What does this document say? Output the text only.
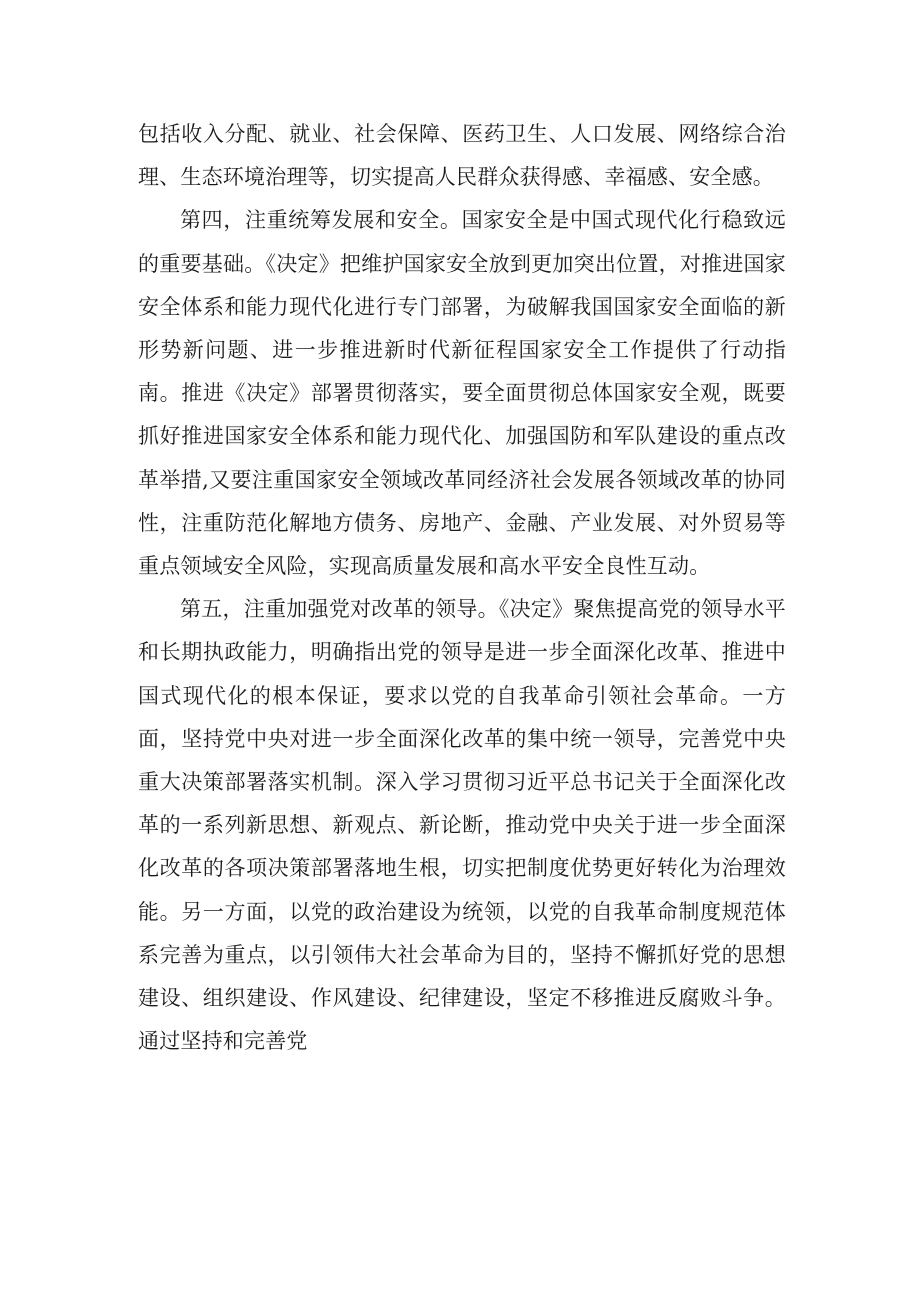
包括收入分配、就业、社会保障、医药卫生、人口发展、网络综合治理、生态环境治理等，切实提高人民群众获得感、幸福感、安全感。

第四，注重统筹发展和安全。国家安全是中国式现代化行稳致远的重要基础。《决定》把维护国家安全放到更加突出位置，对推进国家安全体系和能力现代化进行专门部署，为破解我国国家安全面临的新形势新问题、进一步推进新时代新征程国家安全工作提供了行动指南。推进《决定》部署贯彻落实，要全面贯彻总体国家安全观，既要抓好推进国家安全体系和能力现代化、加强国防和军队建设的重点改革举措,又要注重国家安全领域改革同经济社会发展各领域改革的协同性，注重防范化解地方债务、房地产、金融、产业发展、对外贸易等重点领域安全风险，实现高质量发展和高水平安全良性互动。

第五，注重加强党对改革的领导。《决定》聚焦提高党的领导水平和长期执政能力，明确指出党的领导是进一步全面深化改革、推进中国式现代化的根本保证，要求以党的自我革命引领社会革命。一方面，坚持党中央对进一步全面深化改革的集中统一领导，完善党中央重大决策部署落实机制。深入学习贯彻习近平总书记关于全面深化改革的一系列新思想、新观点、新论断，推动党中央关于进一步全面深化改革的各项决策部署落地生根，切实把制度优势更好转化为治理效能。另一方面，以党的政治建设为统领，以党的自我革命制度规范体系完善为重点，以引领伟大社会革命为目的，坚持不懈抓好党的思想建设、组织建设、作风建设、纪律建设，坚定不移推进反腐败斗争。通过坚持和完善党
